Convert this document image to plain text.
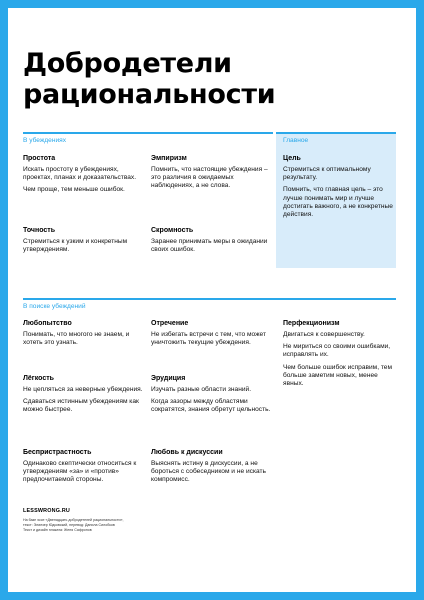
Добродетели
рациональности
В убеждениях	Главное
Простота

Искать простоту в убеждениях, проектах, планах и доказательствах.

Чем проще, тем меньше ошибок.

Эмпиризм

Помнить, что настоящие убеждения – это различия в ожидаемых наблюдениях, а не слова.

Цель

Стремиться к оптимальному результату.

Помнить, что главная цель – это лучше понимать мир и лучше достигать важного, а не конкретные действия.

Точность

Стремиться к узким и конкретным утверждениям.

Скромность

Заранее принимать меры в ожидании своих ошибок.

В поиске убеждений
Любопытство

Понимать, что многого не знаем, и хотеть это узнать.

Отречение

Не избегать встречи с тем, что может уничтожить текущие убеждения.

Перфекционизм

Двигаться к совершенству.

Не мириться со своими ошибками, исправлять их.

Чем больше ошибок исправим, тем больше заметим новых, менее явных.

Лёгкость

Не цепляться за неверные убеждения.

Сдаваться истинным убеждениям как можно быстрее.

Эрудиция

Изучать разные области знаний.

Когда зазоры между областями сократятся, знания обретут цельность.

Беспристрастность

Одинаково скептически относиться к утверждениям «за» и «против» предпочитаемой стороны.

Любовь к дискуссии

Выяснять истину в дискуссии, а не бороться с собеседником и не искать компромисс.

LESSWRONG.RU
На базе эссе «Двенадцать добродетелей рациональности»,
текст: Элиезер Юдковский, перевод: Данила Силобков
Текст и дизайн плаката: Женя Сафронов
